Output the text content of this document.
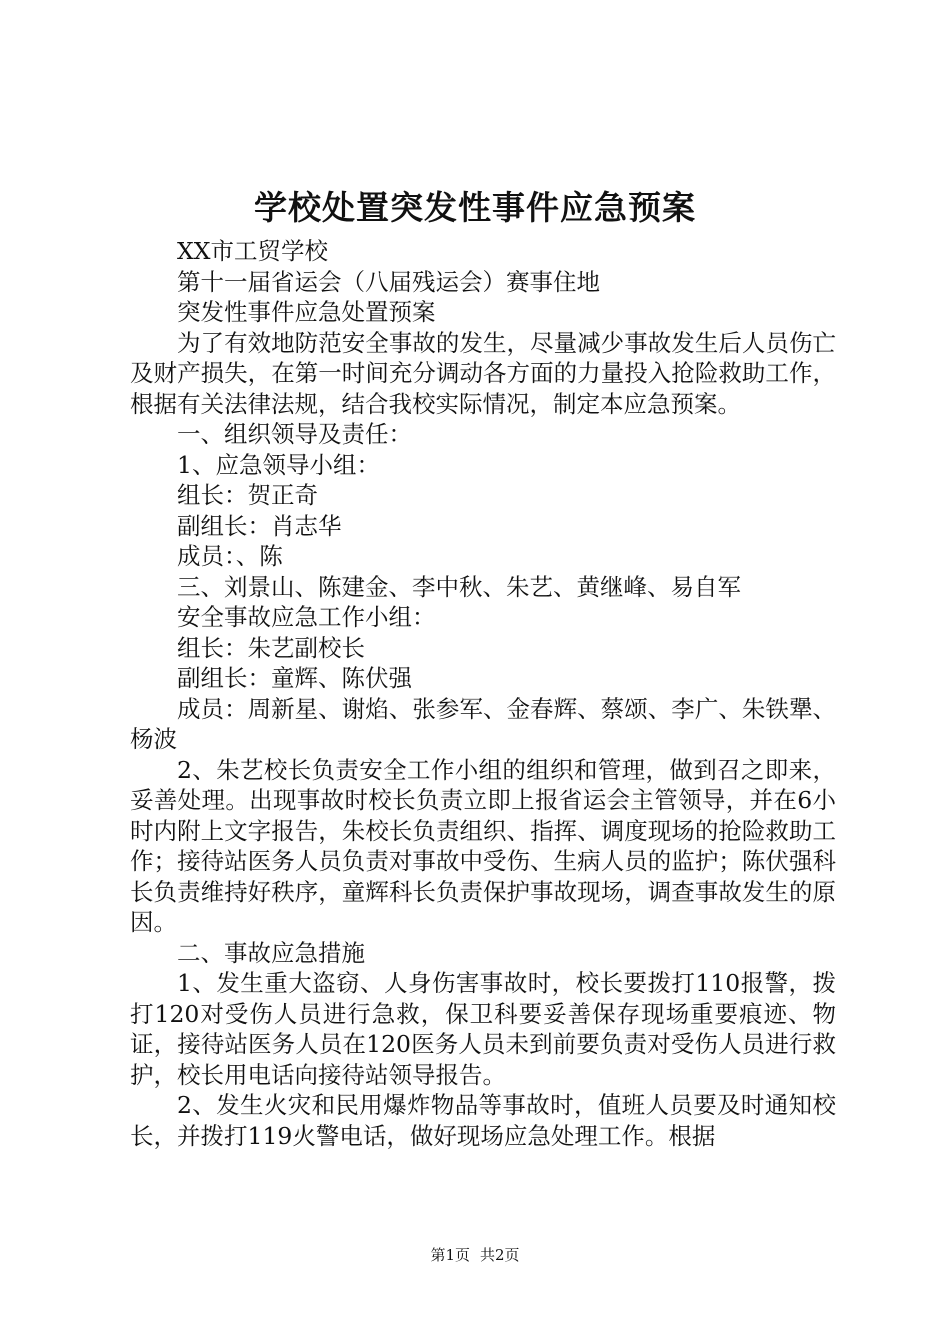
学校处置突发性事件应急预案

XX市工贸学校

第十一届省运会（八届残运会）赛事住地

突发性事件应急处置预案

为了有效地防范安全事故的发生，尽量减少事故发生后人员伤亡及财产损失，在第一时间充分调动各方面的力量投入抢险救助工作，根据有关法律法规，结合我校实际情况，制定本应急预案。

一、组织领导及责任：

1、应急领导小组：

组长：贺正奇

副组长：肖志华

成员：、陈

三、刘景山、陈建金、李中秋、朱艺、黄继峰、易自军

安全事故应急工作小组：

组长：朱艺副校长

副组长：童辉、陈伏强

成员：周新星、谢焰、张参军、金春辉、蔡颂、李广、朱铁犟、杨波

2、朱艺校长负责安全工作小组的组织和管理，做到召之即来，妥善处理。出现事故时校长负责立即上报省运会主管领导，并在6小时内附上文字报告，朱校长负责组织、指挥、调度现场的抢险救助工作；接待站医务人员负责对事故中受伤、生病人员的监护；陈伏强科长负责维持好秩序，童辉科长负责保护事故现场，调查事故发生的原因。

二、事故应急措施

1、发生重大盗窃、人身伤害事故时，校长要拨打110报警，拨打120对受伤人员进行急救，保卫科要妥善保存现场重要痕迹、物证，接待站医务人员在120医务人员未到前要负责对受伤人员进行救护，校长用电话向接待站领导报告。

2、发生火灾和民用爆炸物品等事故时，值班人员要及时通知校长，并拨打119火警电话，做好现场应急处理工作。根据

第1页 共2页
